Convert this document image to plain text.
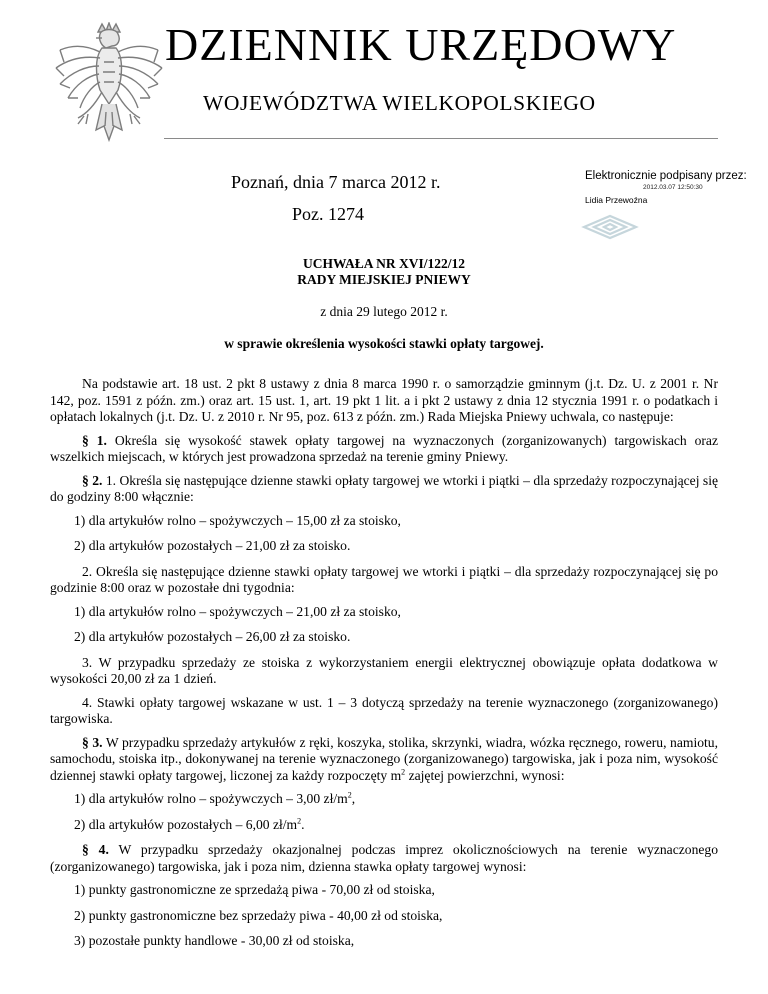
DZIENNIK URZĘDOWY
WOJEWÓDZTWA WIELKOPOLSKIEGO
Poznań, dnia 7 marca 2012 r.
Poz. 1274
Elektronicznie podpisany przez:
2012.03.07 12:50:30
Lidia Przewoźna
UCHWAŁA NR XVI/122/12
RADY MIEJSKIEJ PNIEWY
z dnia 29 lutego 2012 r.
w sprawie określenia wysokości stawki opłaty targowej.

Na podstawie art. 18 ust. 2 pkt 8 ustawy z dnia 8 marca 1990 r. o samorządzie gminnym (j.t. Dz. U. z 2001 r. Nr 142, poz. 1591 z późn. zm.) oraz art. 15 ust. 1, art. 19 pkt 1 lit. a i pkt 2 ustawy z dnia 12 stycznia 1991 r. o podatkach i opłatach lokalnych (j.t. Dz. U. z 2010 r. Nr 95, poz. 613 z późn. zm.) Rada Miejska Pniewy uchwala, co następuje:

§ 1. Określa się wysokość stawek opłaty targowej na wyznaczonych (zorganizowanych) targowiskach oraz wszelkich miejscach, w których jest prowadzona sprzedaż na terenie gminy Pniewy.

§ 2. 1. Określa się następujące dzienne stawki opłaty targowej we wtorki i piątki – dla sprzedaży rozpoczynającej się do godziny 8:00 włącznie:

1) dla artykułów rolno – spożywczych – 15,00 zł za stoisko,

2) dla artykułów pozostałych – 21,00 zł za stoisko.

2. Określa się następujące dzienne stawki opłaty targowej we wtorki i piątki – dla sprzedaży rozpoczynającej się po godzinie 8:00 oraz w pozostałe dni tygodnia:

1) dla artykułów rolno – spożywczych – 21,00 zł za stoisko,

2) dla artykułów pozostałych – 26,00 zł za stoisko.

3. W przypadku sprzedaży ze stoiska z wykorzystaniem energii elektrycznej obowiązuje opłata dodatkowa w wysokości 20,00 zł za 1 dzień.

4. Stawki opłaty targowej wskazane w ust. 1 – 3 dotyczą sprzedaży na terenie wyznaczonego (zorganizowanego) targowiska.

§ 3. W przypadku sprzedaży artykułów z ręki, koszyka, stolika, skrzynki, wiadra, wózka ręcznego, roweru, namiotu, samochodu, stoiska itp., dokonywanej na terenie wyznaczonego (zorganizowanego) targowiska, jak i poza nim, wysokość dziennej stawki opłaty targowej, liczonej za każdy rozpoczęty $m^2$ zajętej powierzchni, wynosi:

1) dla artykułów rolno – spożywczych – 3,00 $zł/m^2$,

2) dla artykułów pozostałych – 6,00 $zł/m^2$.

§ 4. W przypadku sprzedaży okazjonalnej podczas imprez okolicznościowych na terenie wyznaczonego (zorganizowanego) targowiska, jak i poza nim, dzienna stawka opłaty targowej wynosi:

1) punkty gastronomiczne ze sprzedażą piwa - 70,00 zł od stoiska,

2) punkty gastronomiczne bez sprzedaży piwa - 40,00 zł od stoiska,

3) pozostałe punkty handlowe - 30,00 zł od stoiska,
